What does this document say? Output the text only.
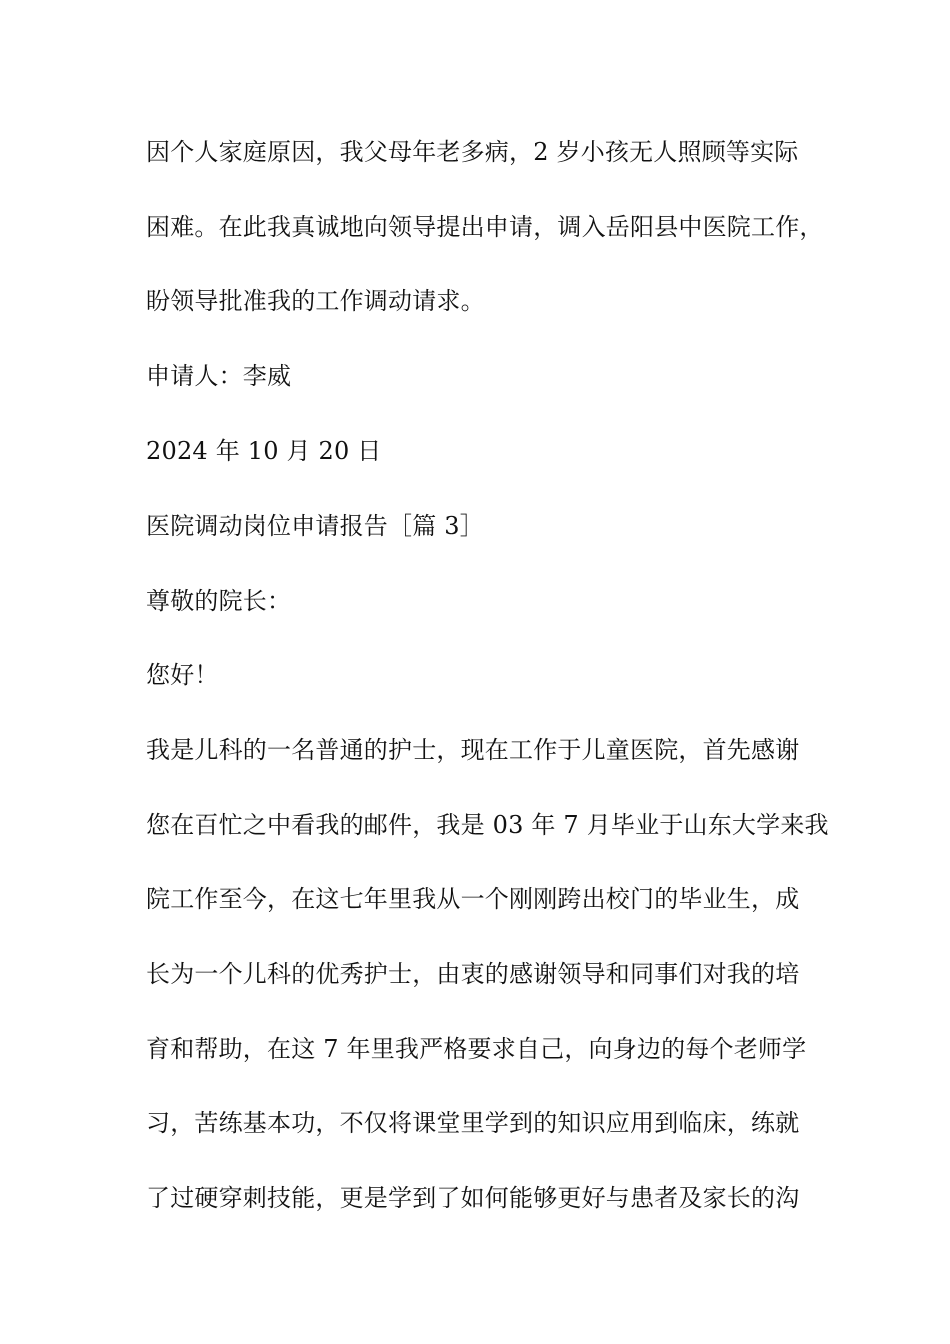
因个人家庭原因，我父母年老多病，2 岁小孩无人照顾等实际
困难。在此我真诚地向领导提出申请，调入岳阳县中医院工作，
盼领导批准我的工作调动请求。
申请人：李威
2024 年 10 月 20 日
医院调动岗位申请报告［篇 3］
尊敬的院长：
您好！
我是儿科的一名普通的护士，现在工作于儿童医院，首先感谢
您在百忙之中看我的邮件，我是 03 年 7 月毕业于山东大学来我
院工作至今，在这七年里我从一个刚刚跨出校门的毕业生，成
长为一个儿科的优秀护士，由衷的感谢领导和同事们对我的培
育和帮助，在这 7 年里我严格要求自己，向身边的每个老师学
习，苦练基本功，不仅将课堂里学到的知识应用到临床，练就
了过硬穿刺技能，更是学到了如何能够更好与患者及家长的沟
